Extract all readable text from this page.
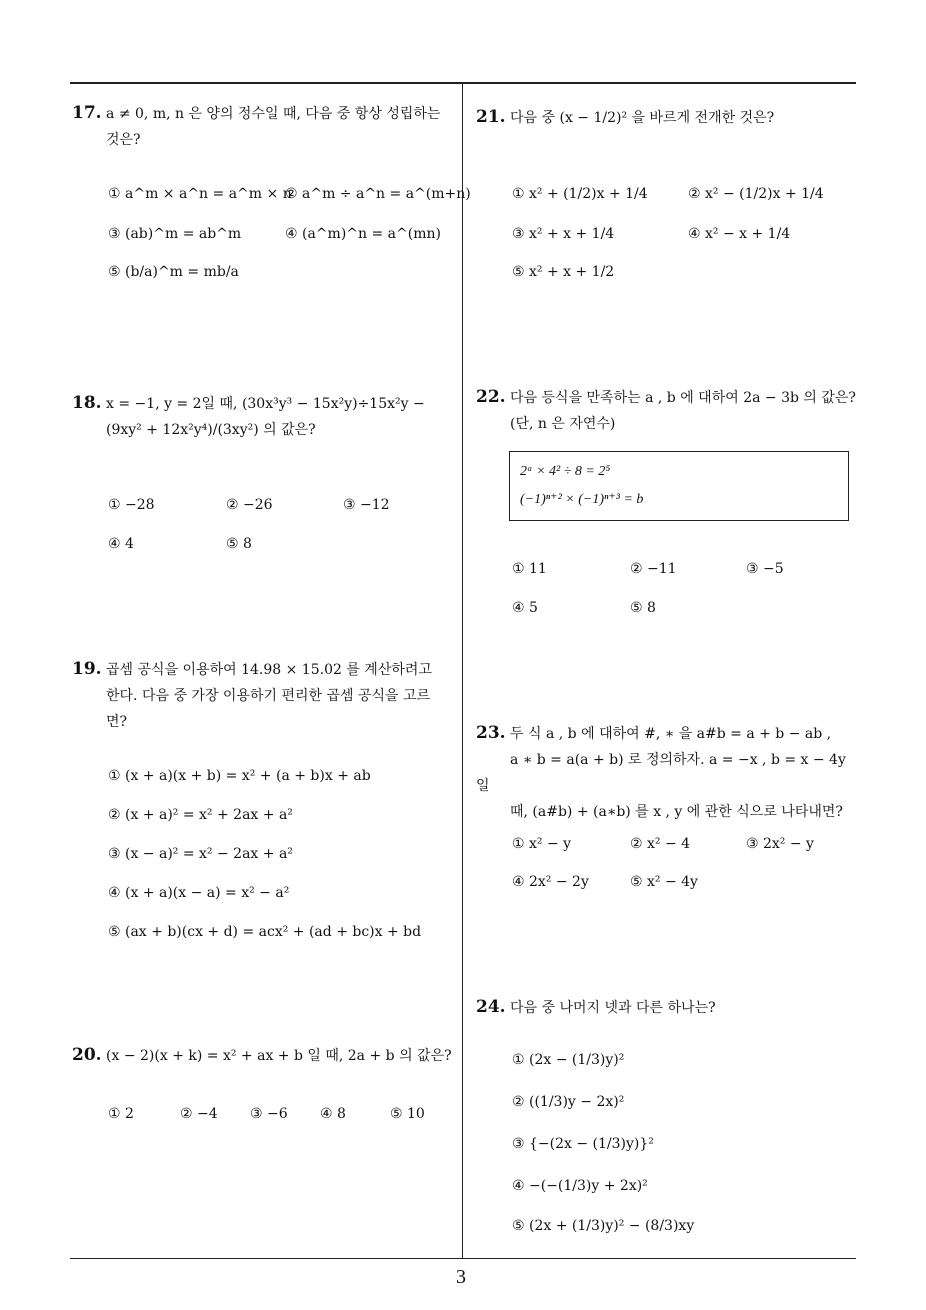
17. a ≠ 0, m, n 은 양의 정수일 때, 다음 중 항상 성립하는
것은?
① a^m × a^n = a^m × n
② a^m ÷ a^n = a^(m+n)
③ (ab)^m = ab^m	④ (a^m)^n = a^(mn)
⑤ (b/a)^m = mb/a
18. x = −1, y = 2일 때, (30x³y³ − 15x²y)÷15x²y −
(9xy² + 12x²y⁴)/(3xy²) 의 값은?
① −28	② −26	③ −12
④ 4	⑤ 8
19. 곱셈 공식을 이용하여 14.98 × 15.02 를 계산하려고
한다. 다음 중 가장 이용하기 편리한 곱셈 공식을 고르
면?
① (x + a)(x + b) = x² + (a + b)x + ab
② (x + a)² = x² + 2ax + a²
③ (x − a)² = x² − 2ax + a²
④ (x + a)(x − a) = x² − a²
⑤ (ax + b)(cx + d) = acx² + (ad + bc)x + bd
20. (x − 2)(x + k) = x² + ax + b 일 때, 2a + b 의 값은?
① 2	② −4 ③ −6 ④ 8	⑤ 10
21. 다음 중 (x − 1/2)² 을 바르게 전개한 것은?
① x² + (1/2)x + 1/4	② x² − (1/2)x + 1/4
③ x² + x + 1/4	④ x² − x + 1/4
⑤ x² + x + 1/2
22. 다음 등식을 만족하는 a , b 에 대하여 2a − 3b 의 값은?
(단, n 은 자연수)
2ᵃ × 4² ÷ 8 = 2⁵
(−1)ⁿ⁺² × (−1)ⁿ⁺³ = b
① 11	② −11	③ −5
④ 5	⑤ 8
23. 두 식 a , b 에 대하여 #, ∗ 을 a#b = a + b − ab ,
a ∗ b = a(a + b) 로 정의하자. a = −x , b = x − 4y 일
때, (a#b) + (a∗b) 를 x , y 에 관한 식으로 나타내면?
① x² − y	② x² − 4	③ 2x² − y
④ 2x² − 2y	⑤ x² − 4y
24. 다음 중 나머지 넷과 다른 하나는?
① (2x − (1/3)y)²
② ((1/3)y − 2x)²
③ {−(2x − (1/3)y)}²
④ −(−(1/3)y + 2x)²
⑤ (2x + (1/3)y)² − (8/3)xy
3
